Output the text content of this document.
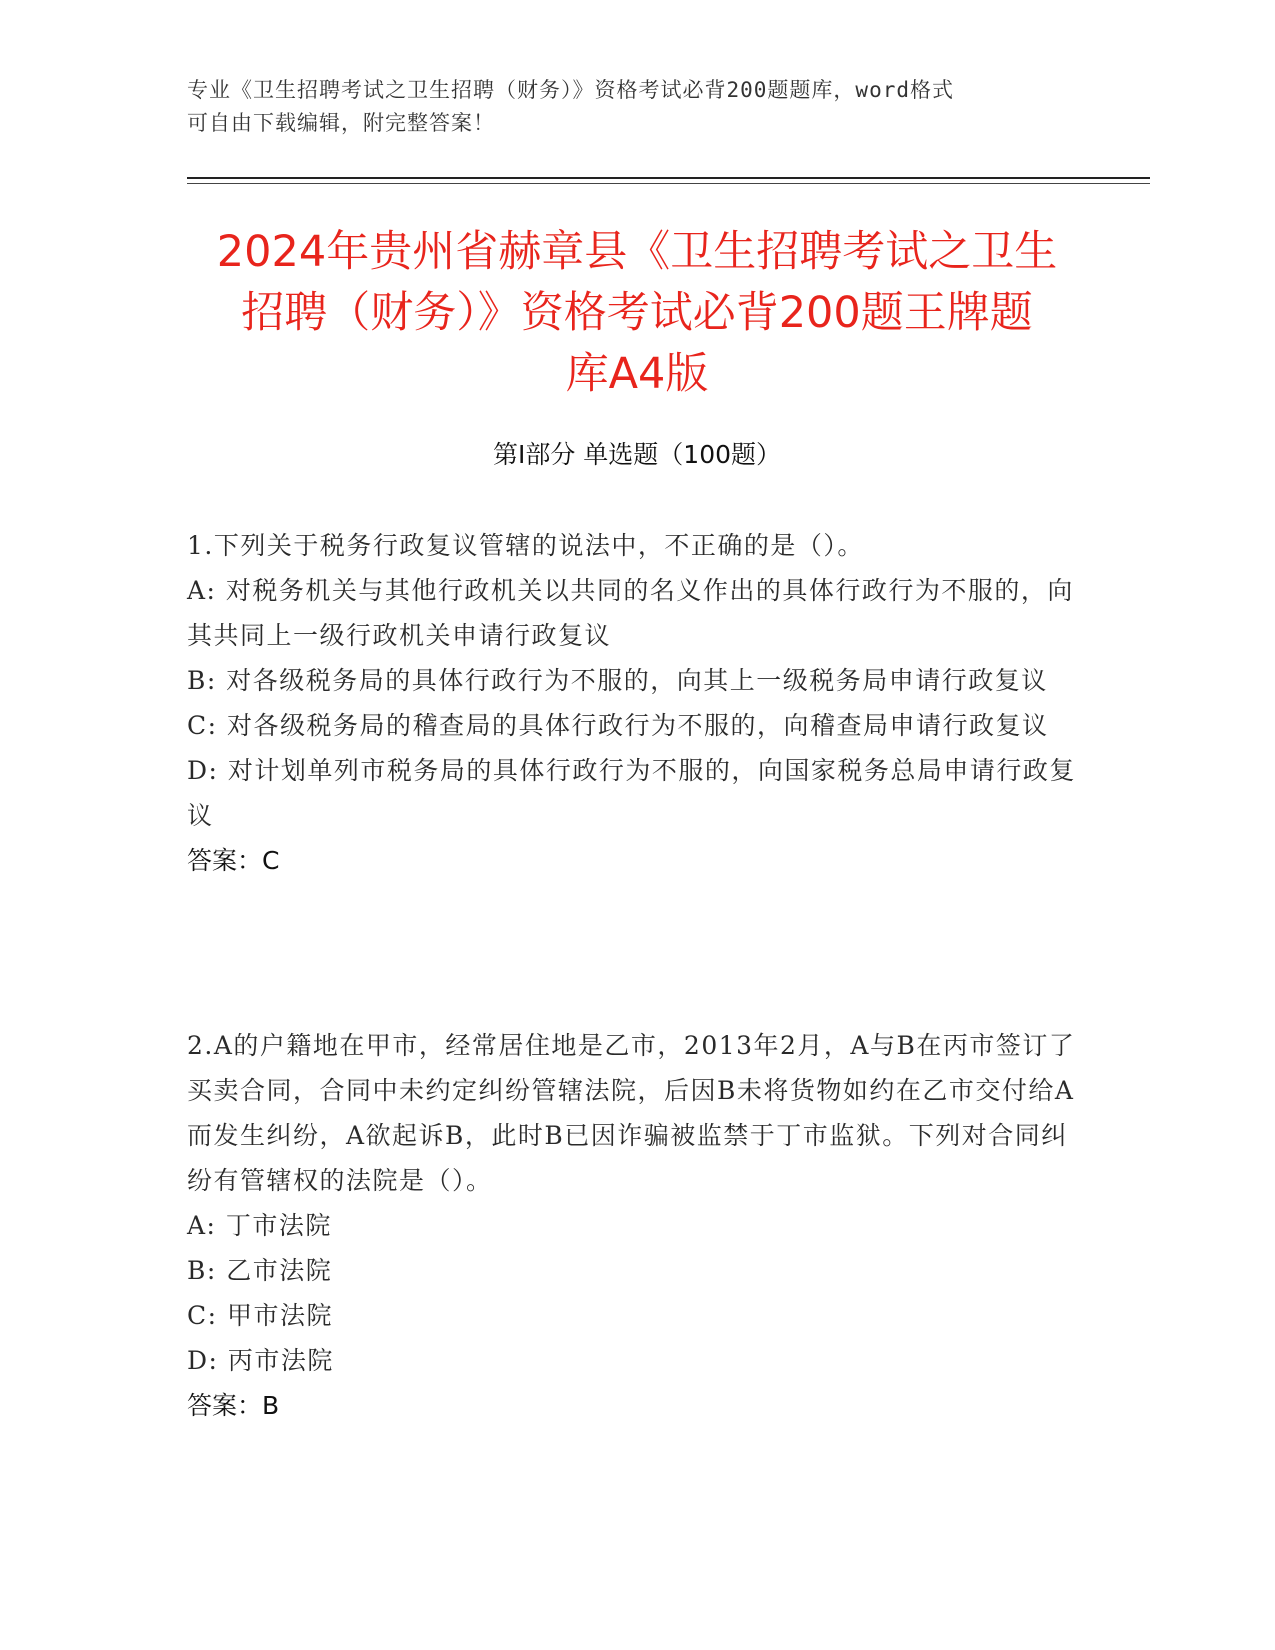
专业《卫生招聘考试之卫生招聘（财务）》资格考试必背200题题库，word格式
可自由下载编辑，附完整答案！
2024年贵州省赫章县《卫生招聘考试之卫生
招聘（财务）》资格考试必背200题王牌题
库A4版
第I部分 单选题（100题）

1.下列关于税务行政复议管辖的说法中，不正确的是（）。

A: 对税务机关与其他行政机关以共同的名义作出的具体行政行为不服的，向其共同上一级行政机关申请行政复议

B: 对各级税务局的具体行政行为不服的，向其上一级税务局申请行政复议

C: 对各级税务局的稽查局的具体行政行为不服的，向稽查局申请行政复议

D: 对计划单列市税务局的具体行政行为不服的，向国家税务总局申请行政复议

答案：C

2.A的户籍地在甲市，经常居住地是乙市，2013年2月，A与B在丙市签订了买卖合同，合同中未约定纠纷管辖法院，后因B未将货物如约在乙市交付给A而发生纠纷，A欲起诉B，此时B已因诈骗被监禁于丁市监狱。下列对合同纠纷有管辖权的法院是（）。

A: 丁市法院

B: 乙市法院

C: 甲市法院

D: 丙市法院

答案：B
